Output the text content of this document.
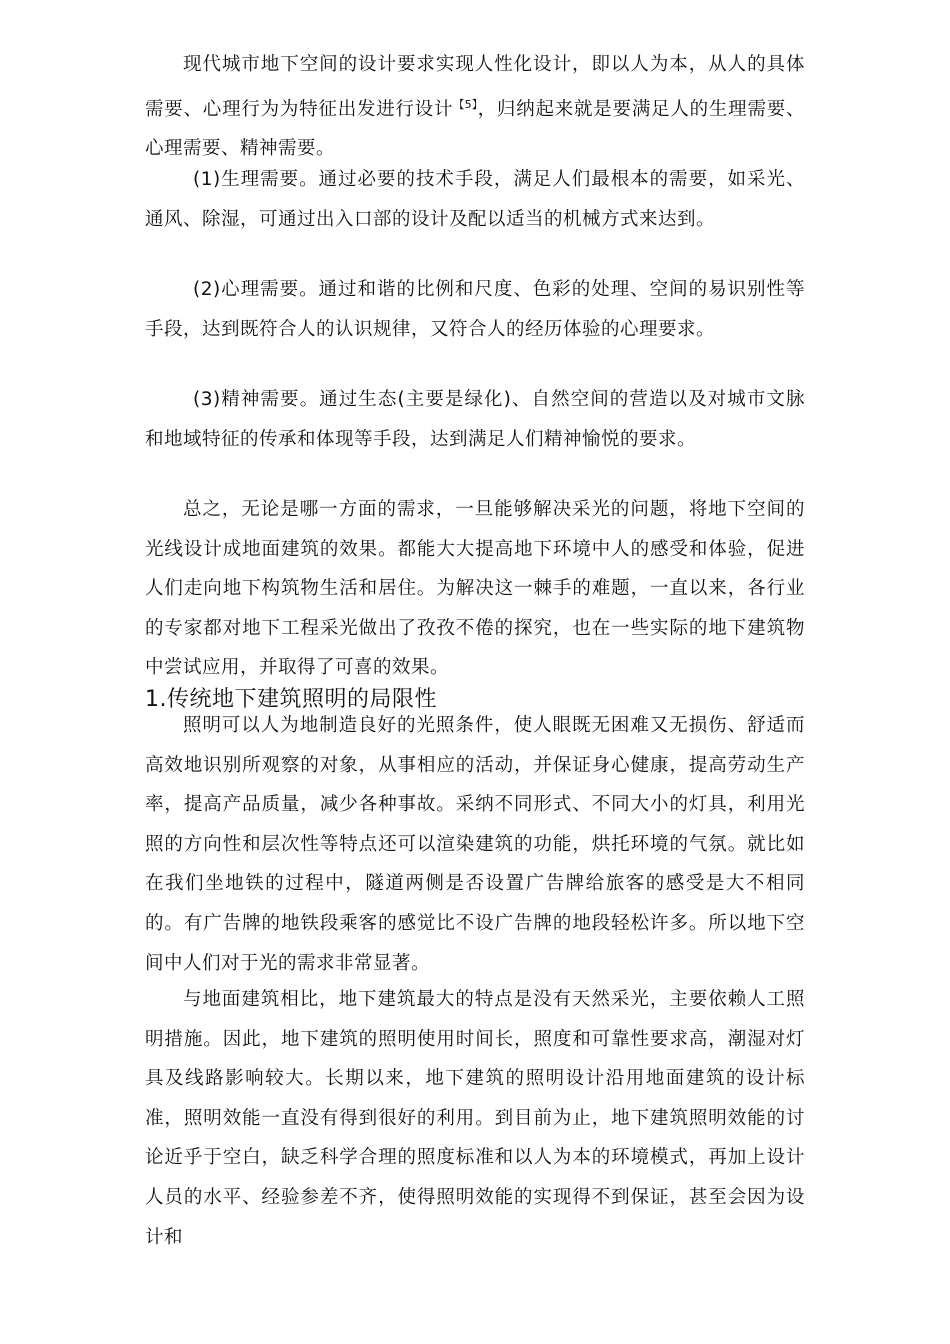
现代城市地下空间的设计要求实现人性化设计，即以人为本，从人的具体需要、心理行为为特征出发进行设计$^{【5】}$，归纳起来就是要满足人的生理需要、心理需要、精神需要。

(1)生理需要。通过必要的技术手段，满足人们最根本的需要，如采光、通风、除湿，可通过出入口部的设计及配以适当的机械方式来达到。

(2)心理需要。通过和谐的比例和尺度、色彩的处理、空间的易识别性等手段，达到既符合人的认识规律，又符合人的经历体验的心理要求。

(3)精神需要。通过生态(主要是绿化)、自然空间的营造以及对城市文脉和地域特征的传承和体现等手段，达到满足人们精神愉悦的要求。

总之，无论是哪一方面的需求，一旦能够解决采光的问题，将地下空间的光线设计成地面建筑的效果。都能大大提高地下环境中人的感受和体验，促进人们走向地下构筑物生活和居住。为解决这一棘手的难题，一直以来，各行业的专家都对地下工程采光做出了孜孜不倦的探究，也在一些实际的地下建筑物中尝试应用，并取得了可喜的效果。

1.传统地下建筑照明的局限性

照明可以人为地制造良好的光照条件，使人眼既无困难又无损伤、舒适而高效地识别所观察的对象，从事相应的活动，并保证身心健康，提高劳动生产率，提高产品质量，减少各种事故。采纳不同形式、不同大小的灯具，利用光照的方向性和层次性等特点还可以渲染建筑的功能，烘托环境的气氛。就比如在我们坐地铁的过程中，隧道两侧是否设置广告牌给旅客的感受是大不相同的。有广告牌的地铁段乘客的感觉比不设广告牌的地段轻松许多。所以地下空间中人们对于光的需求非常显著。

与地面建筑相比，地下建筑最大的特点是没有天然采光，主要依赖人工照明措施。因此，地下建筑的照明使用时间长，照度和可靠性要求高，潮湿对灯具及线路影响较大。长期以来，地下建筑的照明设计沿用地面建筑的设计标准，照明效能一直没有得到很好的利用。到目前为止，地下建筑照明效能的讨论近乎于空白，缺乏科学合理的照度标准和以人为本的环境模式，再加上设计人员的水平、经验参差不齐，使得照明效能的实现得不到保证，甚至会因为设计和
